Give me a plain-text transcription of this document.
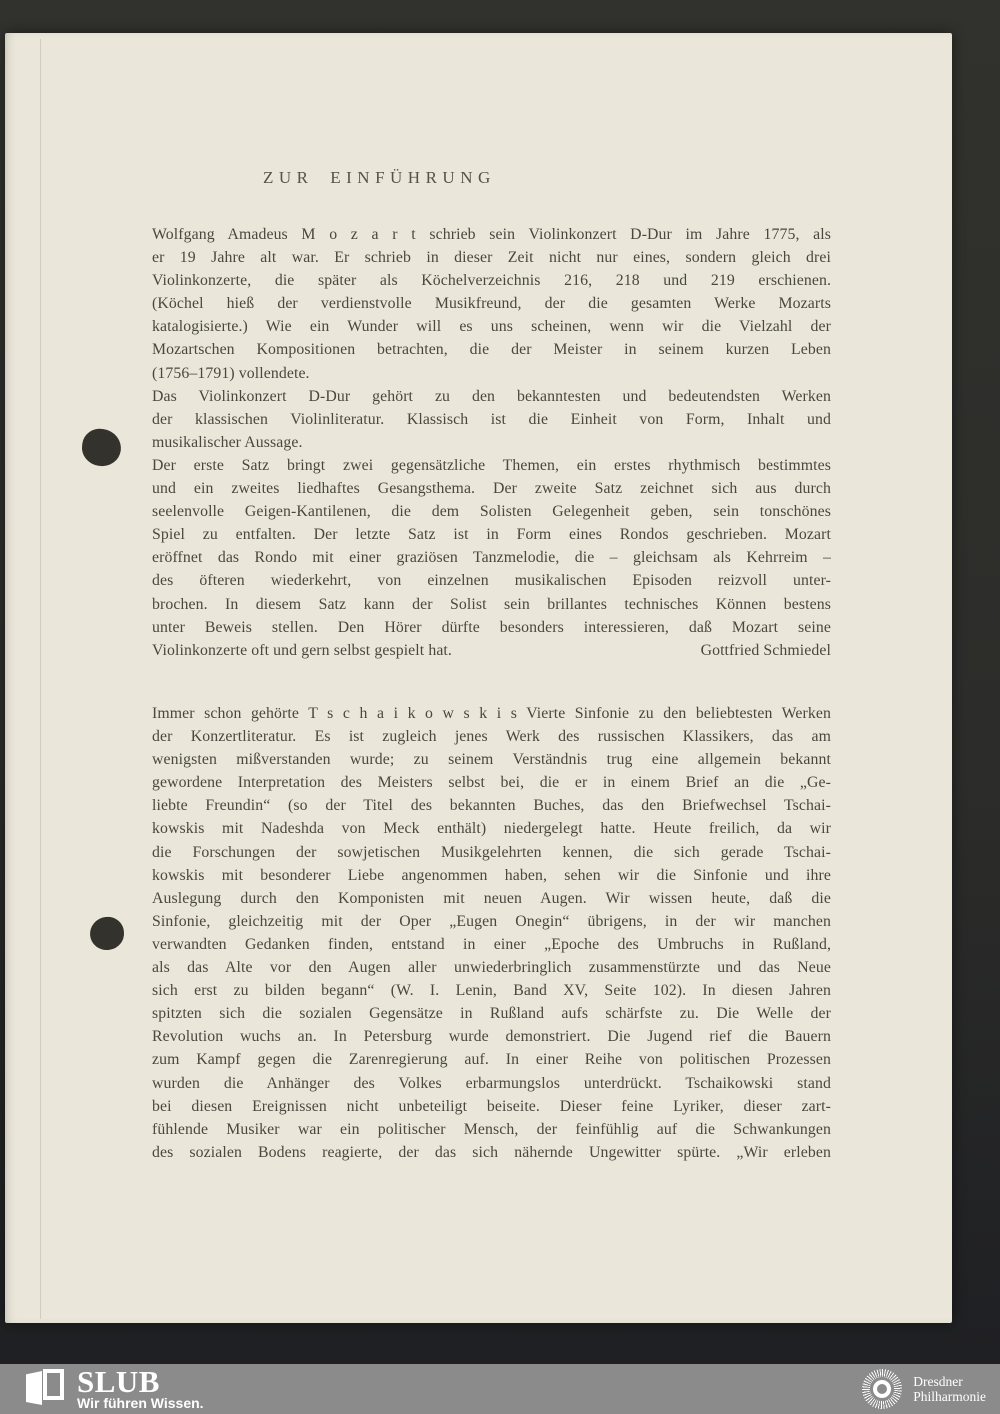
ZUR EINFÜHRUNG
Wolfgang Amadeus M o z a r t schrieb sein Violinkonzert D-Dur im Jahre 1775, als
er 19 Jahre alt war. Er schrieb in dieser Zeit nicht nur eines, sondern gleich drei
Violinkonzerte, die später als Köchelverzeichnis 216, 218 und 219 erschienen.
(Köchel hieß der verdienstvolle Musikfreund, der die gesamten Werke Mozarts
katalogisierte.) Wie ein Wunder will es uns scheinen, wenn wir die Vielzahl der
Mozartschen Kompositionen betrachten, die der Meister in seinem kurzen Leben
(1756–1791) vollendete.
Das Violinkonzert D-Dur gehört zu den bekanntesten und bedeutendsten Werken
der klassischen Violinliteratur. Klassisch ist die Einheit von Form, Inhalt und
musikalischer Aussage.
Der erste Satz bringt zwei gegensätzliche Themen, ein erstes rhythmisch bestimmtes
und ein zweites liedhaftes Gesangsthema. Der zweite Satz zeichnet sich aus durch
seelenvolle Geigen-Kantilenen, die dem Solisten Gelegenheit geben, sein tonschönes
Spiel zu entfalten. Der letzte Satz ist in Form eines Rondos geschrieben. Mozart
eröffnet das Rondo mit einer graziösen Tanzmelodie, die – gleichsam als Kehrreim –
des öfteren wiederkehrt, von einzelnen musikalischen Episoden reizvoll unter-
brochen. In diesem Satz kann der Solist sein brillantes technisches Können bestens
unter Beweis stellen. Den Hörer dürfte besonders interessieren, daß Mozart seine
Violinkonzerte oft und gern selbst gespielt hat.	Gottfried Schmiedel
Immer schon gehörte T s c h a i k o w s k i s Vierte Sinfonie zu den beliebtesten Werken
der Konzertliteratur. Es ist zugleich jenes Werk des russischen Klassikers, das am
wenigsten mißverstanden wurde; zu seinem Verständnis trug eine allgemein bekannt
gewordene Interpretation des Meisters selbst bei, die er in einem Brief an die „Ge-
liebte Freundin“ (so der Titel des bekannten Buches, das den Briefwechsel Tschai-
kowskis mit Nadeshda von Meck enthält) niedergelegt hatte. Heute freilich, da wir
die Forschungen der sowjetischen Musikgelehrten kennen, die sich gerade Tschai-
kowskis mit besonderer Liebe angenommen haben, sehen wir die Sinfonie und ihre
Auslegung durch den Komponisten mit neuen Augen. Wir wissen heute, daß die
Sinfonie, gleichzeitig mit der Oper „Eugen Onegin“ übrigens, in der wir manchen
verwandten Gedanken finden, entstand in einer „Epoche des Umbruchs in Rußland,
als das Alte vor den Augen aller unwiederbringlich zusammenstürzte und das Neue
sich erst zu bilden begann“ (W. I. Lenin, Band XV, Seite 102). In diesen Jahren
spitzten sich die sozialen Gegensätze in Rußland aufs schärfste zu. Die Welle der
Revolution wuchs an. In Petersburg wurde demonstriert. Die Jugend rief die Bauern
zum Kampf gegen die Zarenregierung auf. In einer Reihe von politischen Prozessen
wurden die Anhänger des Volkes erbarmungslos unterdrückt. Tschaikowski stand
bei diesen Ereignissen nicht unbeteiligt beiseite. Dieser feine Lyriker, dieser zart-
fühlende Musiker war ein politischer Mensch, der feinfühlig auf die Schwankungen
des sozialen Bodens reagierte, der das sich nähernde Ungewitter spürte. „Wir erleben
SLUB
Wir führen Wissen.
Dresdner
Philharmonie
